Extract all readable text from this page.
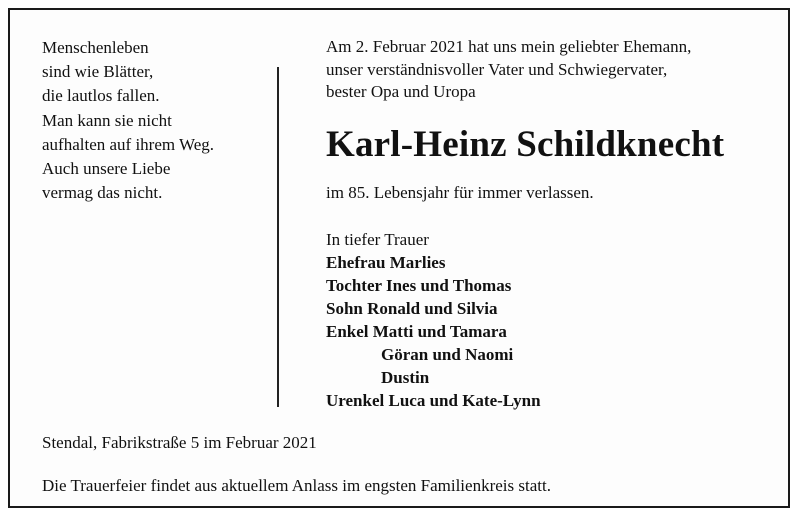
Menschenleben
sind wie Blätter,
die lautlos fallen.
Man kann sie nicht
aufhalten auf ihrem Weg.
Auch unsere Liebe
vermag das nicht.
Am 2. Februar 2021 hat uns mein geliebter Ehemann,
unser verständnisvoller Vater und Schwiegervater,
bester Opa und Uropa
Karl-Heinz Schildknecht
im 85. Lebensjahr für immer verlassen.
In tiefer Trauer
Ehefrau Marlies
Tochter Ines und Thomas
Sohn Ronald und Silvia
Enkel Matti und Tamara
Göran und Naomi
Dustin
Urenkel Luca und Kate-Lynn
Stendal, Fabrikstraße 5 im Februar 2021
Die Trauerfeier findet aus aktuellem Anlass im engsten Familienkreis statt.
